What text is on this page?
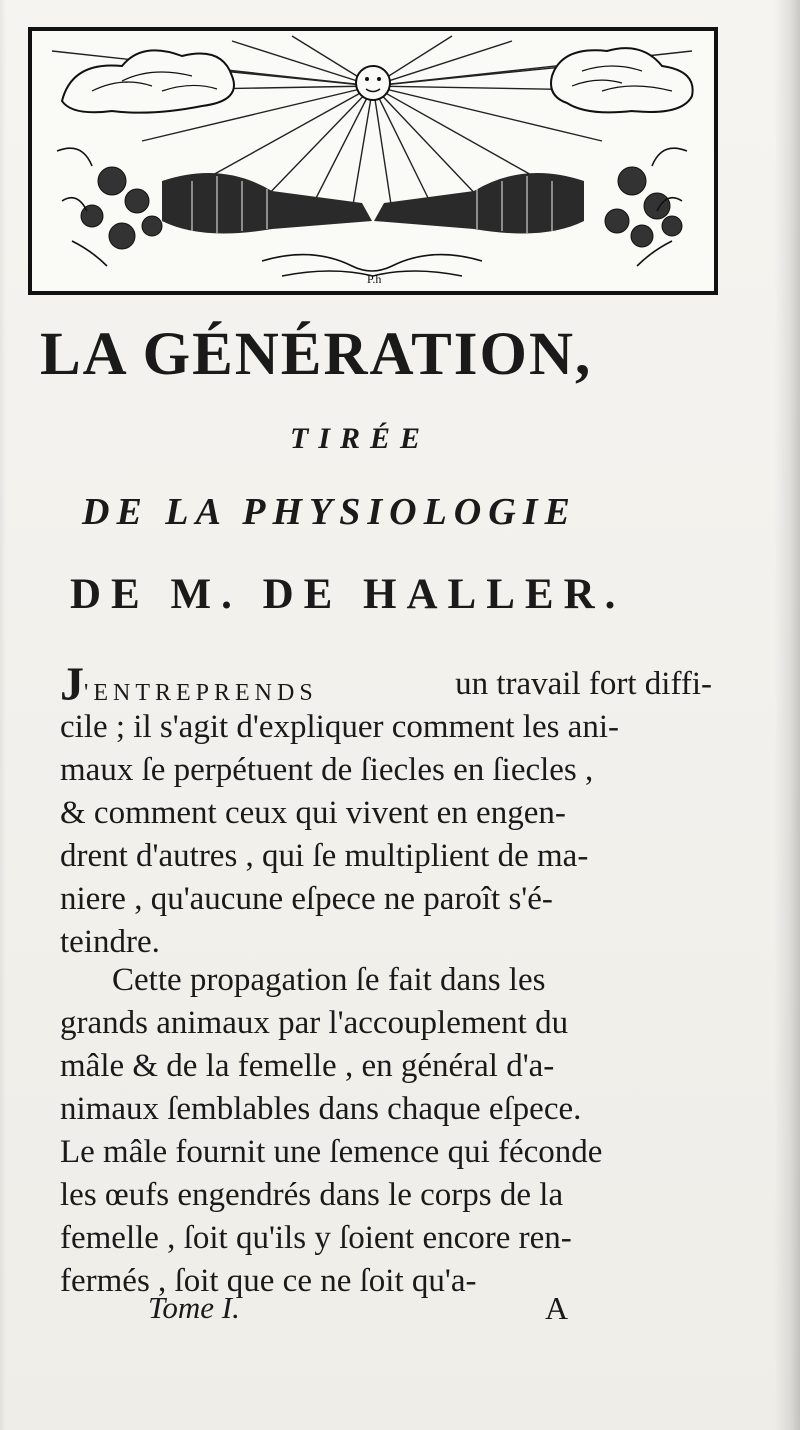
P.h
LA GÉNÉRATION,
TIRÉE
DE LA PHYSIOLOGIE
DE M. DE HALLER.
J'ENTREPRENDS	un travail fort diffi-
cile ; il s'agit d'expliquer comment les ani-
maux ſe perpétuent de ſiecles en ſiecles ,
& comment ceux qui vivent en engen-
drent d'autres , qui ſe multiplient de ma-
niere , qu'aucune eſpece ne paroît s'é-
teindre.
Cette propagation ſe fait dans les
grands animaux par l'accouplement du
mâle & de la femelle , en général d'a-
nimaux ſemblables dans chaque eſpece.
Le mâle fournit une ſemence qui féconde
les œufs engendrés dans le corps de la
femelle , ſoit qu'ils y ſoient encore ren-
fermés , ſoit que ce ne ſoit qu'a-
Tome I.	A
